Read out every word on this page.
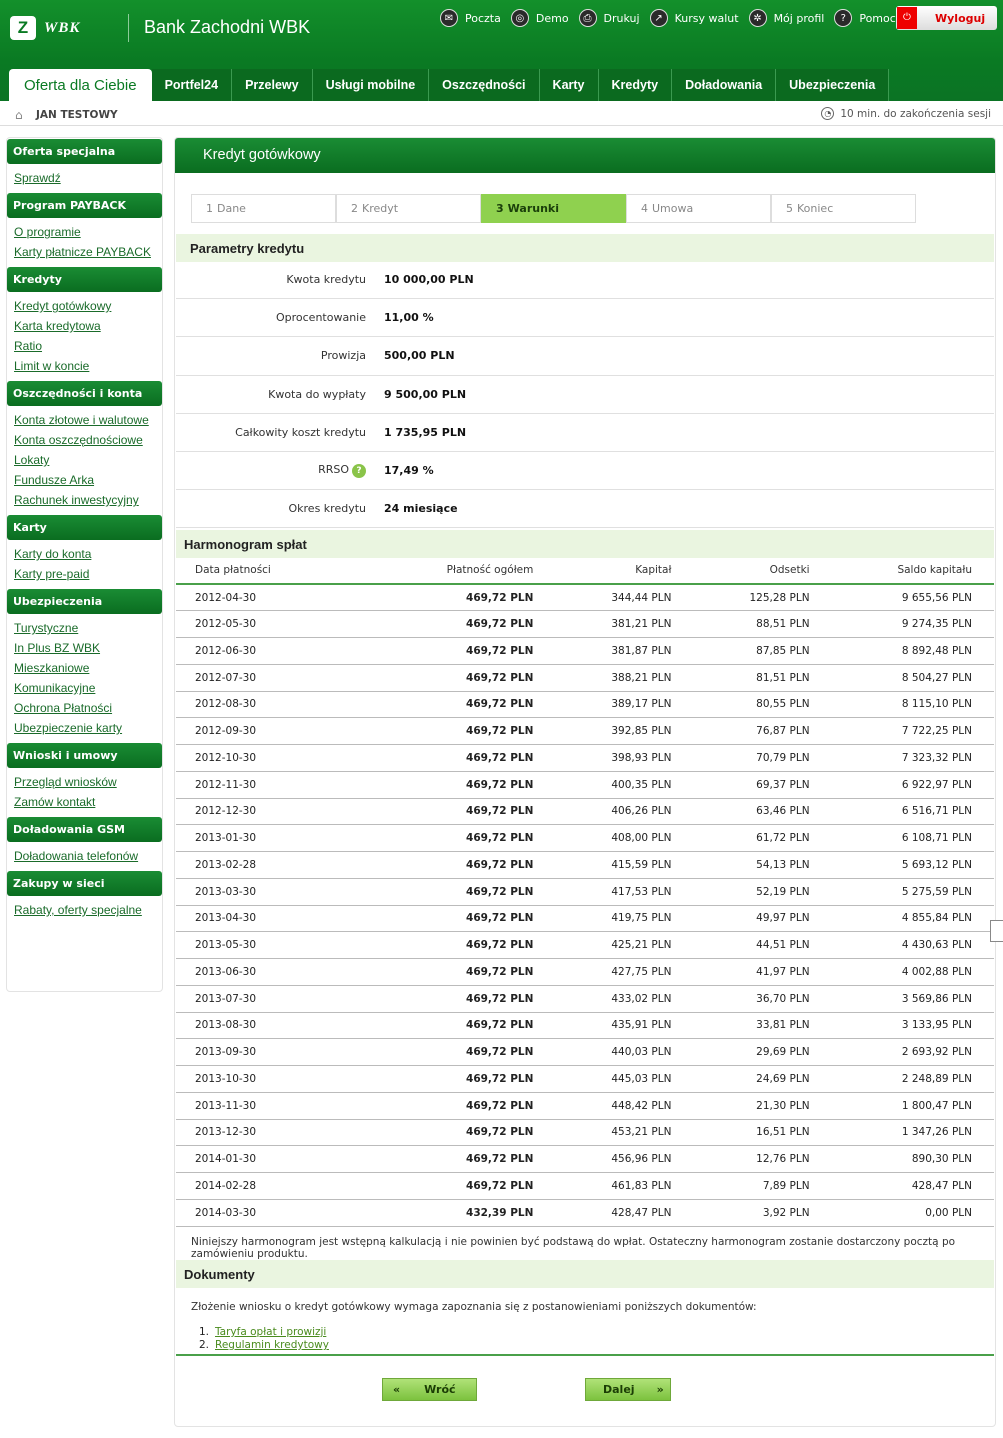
Z	WBK	Bank Zachodni WBK	✉	Poczta	◎	Demo	⎙	Drukuj	↗	Kursy walut	✲	Mój profil	?	Pomoc ⏻	Wyloguj
Oferta dla Ciebie	Portfel24	Przelewy	Usługi mobilne	Oszczędności	Karty	Kredyty	Doładowania	Ubezpieczenia
⌂ JAN TESTOWY	◔ 10 min. do zakończenia sesji
Oferta specjalna
Sprawdź
Program PAYBACK
O programie
Karty płatnicze PAYBACK
Kredyty
Kredyt gotówkowy
Karta kredytowa
Ratio
Limit w koncie
Oszczędności i konta
Konta złotowe i walutowe
Konta oszczędnościowe
Lokaty
Fundusze Arka
Rachunek inwestycyjny
Karty
Karty do konta
Karty pre-paid
Ubezpieczenia
Turystyczne
In Plus BZ WBK
Mieszkaniowe
Komunikacyjne
Ochrona Płatności
Ubezpieczenie karty
Wnioski i umowy
Przegląd wniosków
Zamów kontakt
Doładowania GSM
Doładowania telefonów
Zakupy w sieci
Rabaty, oferty specjalne
Kredyt gotówkowy
1 Dane	2 Kredyt	3 Warunki	4 Umowa	5 Koniec
Parametry kredytu
Kwota kredytu 10 000,00 PLN
Oprocentowanie 11,00 %
Prowizja 500,00 PLN
Kwota do wypłaty 9 500,00 PLN
Całkowity koszt kredytu 1 735,95 PLN
RRSO ?	17,49 %
Okres kredytu 24 miesiące
Harmonogram spłat
Data płatności	Płatność ogółem	Kapitał	Odsetki	Saldo kapitału
2012-04-30	469,72 PLN	344,44 PLN	125,28 PLN	9 655,56 PLN
2012-05-30	469,72 PLN	381,21 PLN	88,51 PLN	9 274,35 PLN
2012-06-30	469,72 PLN	381,87 PLN	87,85 PLN	8 892,48 PLN
2012-07-30	469,72 PLN	388,21 PLN	81,51 PLN	8 504,27 PLN
2012-08-30	469,72 PLN	389,17 PLN	80,55 PLN	8 115,10 PLN
2012-09-30	469,72 PLN	392,85 PLN	76,87 PLN	7 722,25 PLN
2012-10-30	469,72 PLN	398,93 PLN	70,79 PLN	7 323,32 PLN
2012-11-30	469,72 PLN	400,35 PLN	69,37 PLN	6 922,97 PLN
2012-12-30	469,72 PLN	406,26 PLN	63,46 PLN	6 516,71 PLN
2013-01-30	469,72 PLN	408,00 PLN	61,72 PLN	6 108,71 PLN
2013-02-28	469,72 PLN	415,59 PLN	54,13 PLN	5 693,12 PLN
2013-03-30	469,72 PLN	417,53 PLN	52,19 PLN	5 275,59 PLN
2013-04-30	469,72 PLN	419,75 PLN	49,97 PLN	4 855,84 PLN
2013-05-30	469,72 PLN	425,21 PLN	44,51 PLN	4 430,63 PLN
2013-06-30	469,72 PLN	427,75 PLN	41,97 PLN	4 002,88 PLN
2013-07-30	469,72 PLN	433,02 PLN	36,70 PLN	3 569,86 PLN
2013-08-30	469,72 PLN	435,91 PLN	33,81 PLN	3 133,95 PLN
2013-09-30	469,72 PLN	440,03 PLN	29,69 PLN	2 693,92 PLN
2013-10-30	469,72 PLN	445,03 PLN	24,69 PLN	2 248,89 PLN
2013-11-30	469,72 PLN	448,42 PLN	21,30 PLN	1 800,47 PLN
2013-12-30	469,72 PLN	453,21 PLN	16,51 PLN	1 347,26 PLN
2014-01-30	469,72 PLN	456,96 PLN	12,76 PLN	890,30 PLN
2014-02-28	469,72 PLN	461,83 PLN	7,89 PLN	428,47 PLN
2014-03-30	432,39 PLN	428,47 PLN	3,92 PLN	0,00 PLN
Niniejszy harmonogram jest wstępną kalkulacją i nie powinien być podstawą do wpłat. Ostateczny harmonogram zostanie dostarczony pocztą po zamówieniu produktu.
Dokumenty
Złożenie wniosku o kredyt gotówkowy wymaga zapoznania się z postanowieniami poniższych dokumentów:
1. Taryfa opłat i prowizji
2. Regulamin kredytowy
« Wróć	Dalej »
